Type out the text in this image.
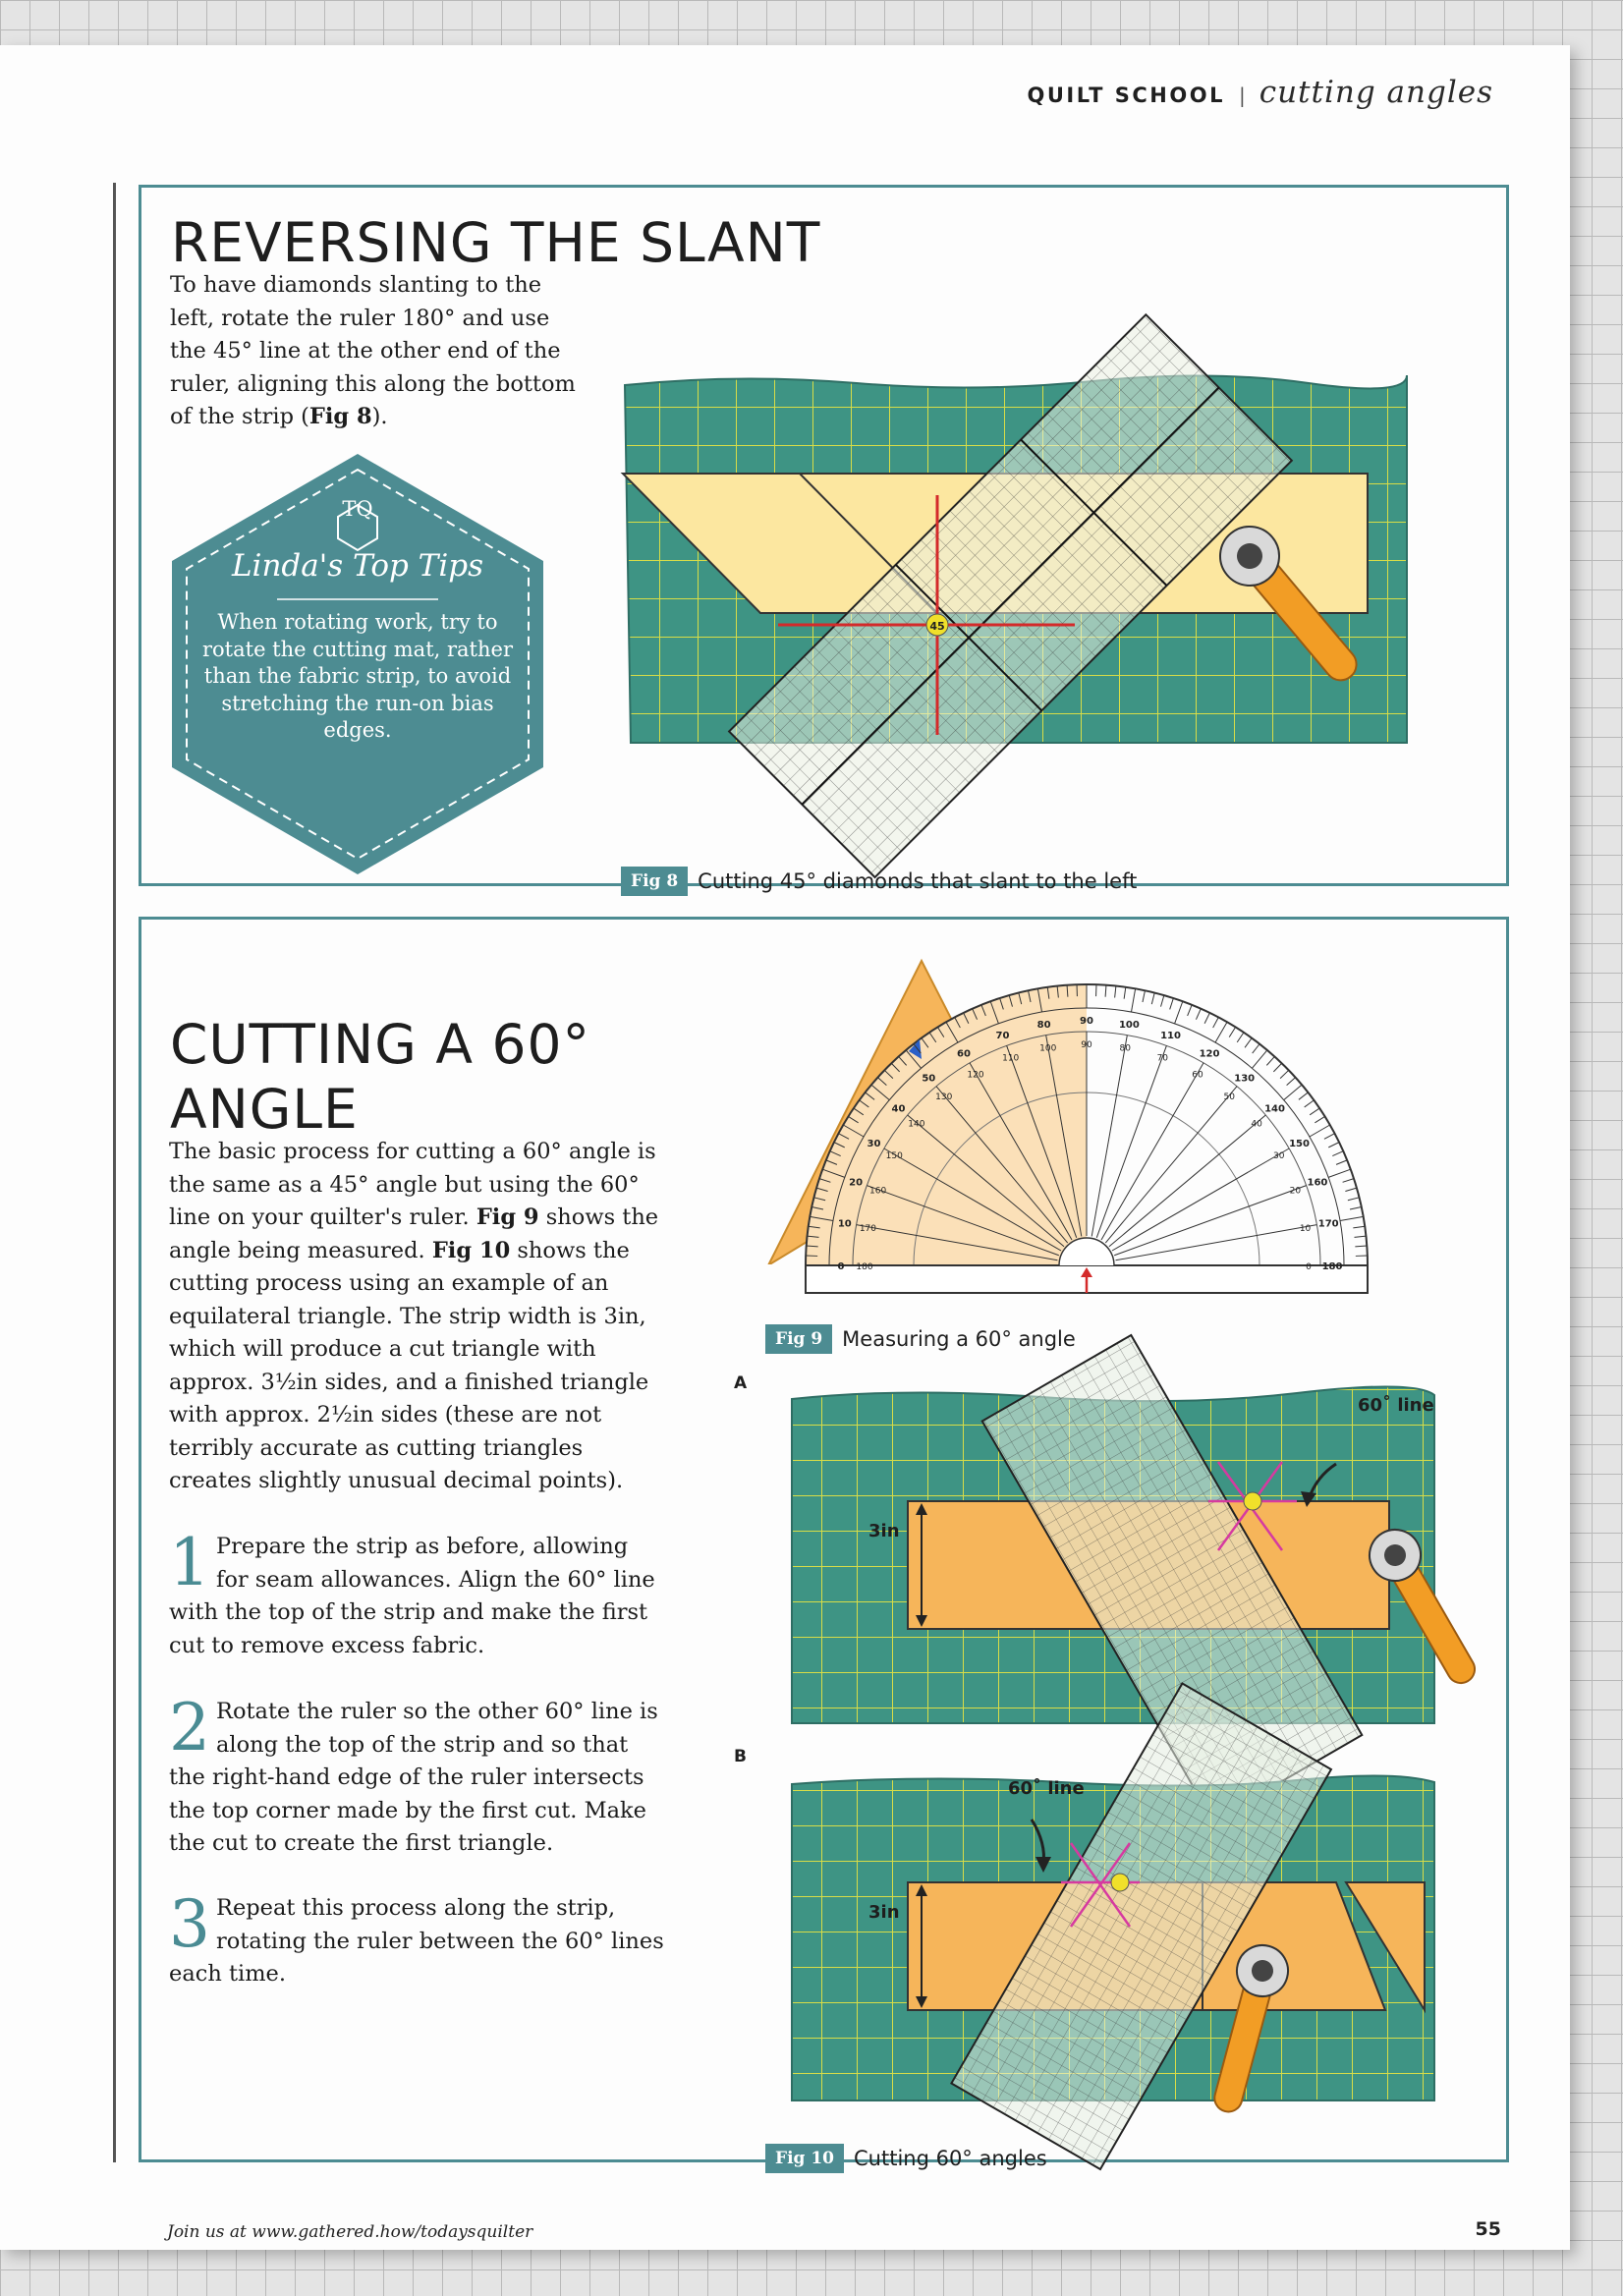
QUILT SCHOOL | cutting angles
REVERSING THE SLANT

To have diamonds slanting to the left, rotate the ruler 180° and use the 45° line at the other end of the ruler, aligning this along the bottom of the strip (Fig 8).

TQ
Linda's Top Tips
When rotating work, try to rotate the cutting mat, rather than the fabric strip, to avoid stretching the run-on bias edges.
45
Fig 8 Cutting 45° diamonds that slant to the left
CUTTING A 60°
ANGLE

The basic process for cutting a 60° angle is the same as a 45° angle but using the 60° line on your quilter's ruler. Fig 9 shows the angle being measured. Fig 10 shows the cutting process using an example of an equilateral triangle. The strip width is 3in, which will produce a cut triangle with approx. 3½in sides, and a finished triangle with approx. 2½in sides (these are not terribly accurate as cutting triangles creates slightly unusual decimal points).

1 Prepare the strip as before, allowing for seam allowances. Align the 60° line with the top of the strip and make the first cut to remove excess fabric.
2 Rotate the ruler so the other 60° line is along the top of the strip and so that the right-hand edge of the ruler intersects the top corner made by the first cut. Make the cut to create the first triangle.
3 Repeat this process along the strip, rotating the ruler between the 60° lines each time.
0 180
10 170
20
160
30
150
40
140
50
130
60
120
70
110
80
100
90
90
100
80
110
70	120
60	130
50
140
40
150
30
160
20
170
10
180
0
Fig 9 Measuring a 60° angle
A
3in
60˚ line
B
3in
60˚ line
Fig 10 Cutting 60° angles
Join us at www.gathered.how/todaysquilter	55
